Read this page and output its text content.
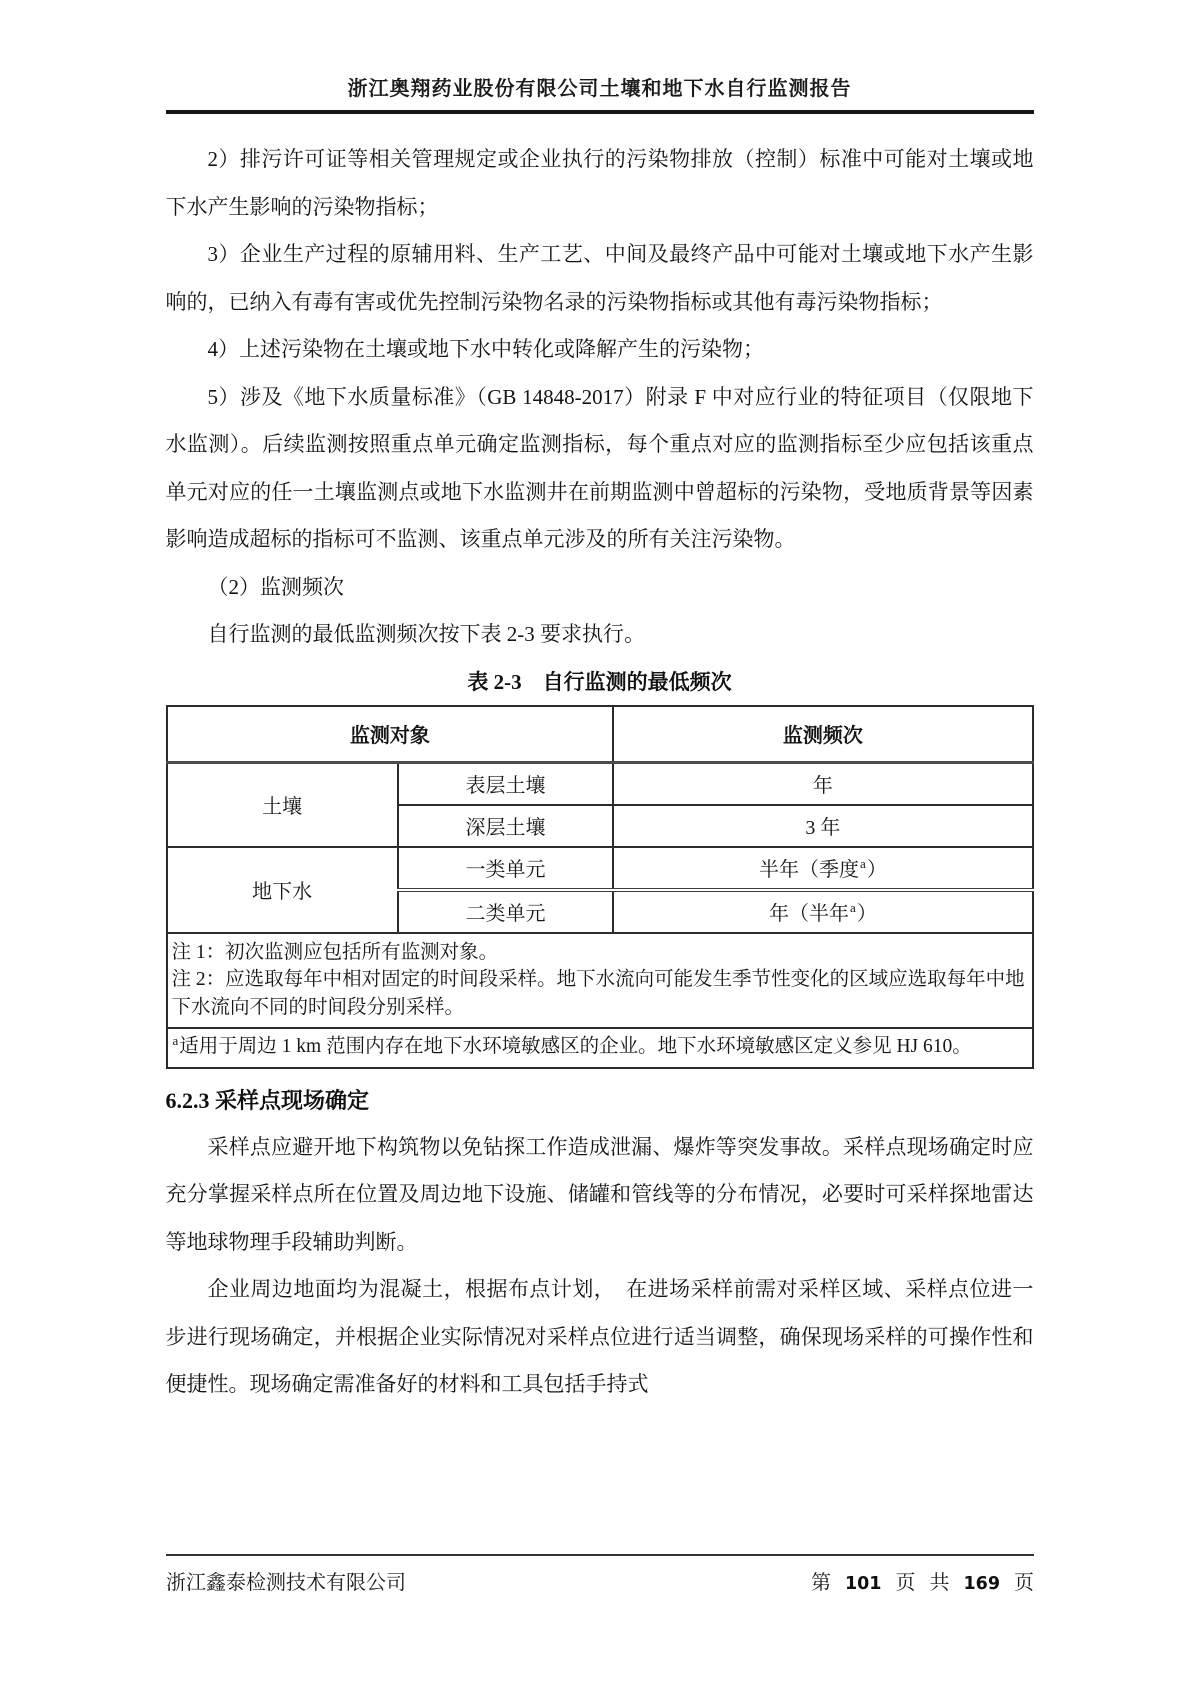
浙江奥翔药业股份有限公司土壤和地下水自行监测报告

2）排污许可证等相关管理规定或企业执行的污染物排放（控制）标准中可能对土壤或地下水产生影响的污染物指标；

3）企业生产过程的原辅用料、生产工艺、中间及最终产品中可能对土壤或地下水产生影响的，已纳入有毒有害或优先控制污染物名录的污染物指标或其他有毒污染物指标；

4）上述污染物在土壤或地下水中转化或降解产生的污染物；

5）涉及《地下水质量标准》（GB 14848-2017）附录 F 中对应行业的特征项目（仅限地下水监测）。后续监测按照重点单元确定监测指标，每个重点对应的监测指标至少应包括该重点单元对应的任一土壤监测点或地下水监测井在前期监测中曾超标的污染物，受地质背景等因素影响造成超标的指标可不监测、该重点单元涉及的所有关注污染物。

（2）监测频次

自行监测的最低监测频次按下表 2-3 要求执行。

表 2-3　自行监测的最低频次
监测对象		监测频次
土壤	表层土壤	年
	深层土壤	3 年
地下水	一类单元	半年（季度$^a$）
	二类单元	年（半年$^a$）

注 1：初次监测应包括所有监测对象。
注 2：应选取每年中相对固定的时间段采样。地下水流向可能发生季节性变化的区域应选取每年中地下水流向不同的时间段分别采样。		

$^a$适用于周边 1 km 范围内存在地下水环境敏感区的企业。地下水环境敏感区定义参见 HJ 610。		
6.2.3 采样点现场确定

采样点应避开地下构筑物以免钻探工作造成泄漏、爆炸等突发事故。采样点现场确定时应充分掌握采样点所在位置及周边地下设施、储罐和管线等的分布情况，必要时可采样探地雷达等地球物理手段辅助判断。

企业周边地面均为混凝土，根据布点计划，　在进场采样前需对采样区域、采样点位进一步进行现场确定，并根据企业实际情况对采样点位进行适当调整，确保现场采样的可操作性和便捷性。现场确定需准备好的材料和工具包括手持式

浙江鑫泰检测技术有限公司	第 101 页 共 169 页
